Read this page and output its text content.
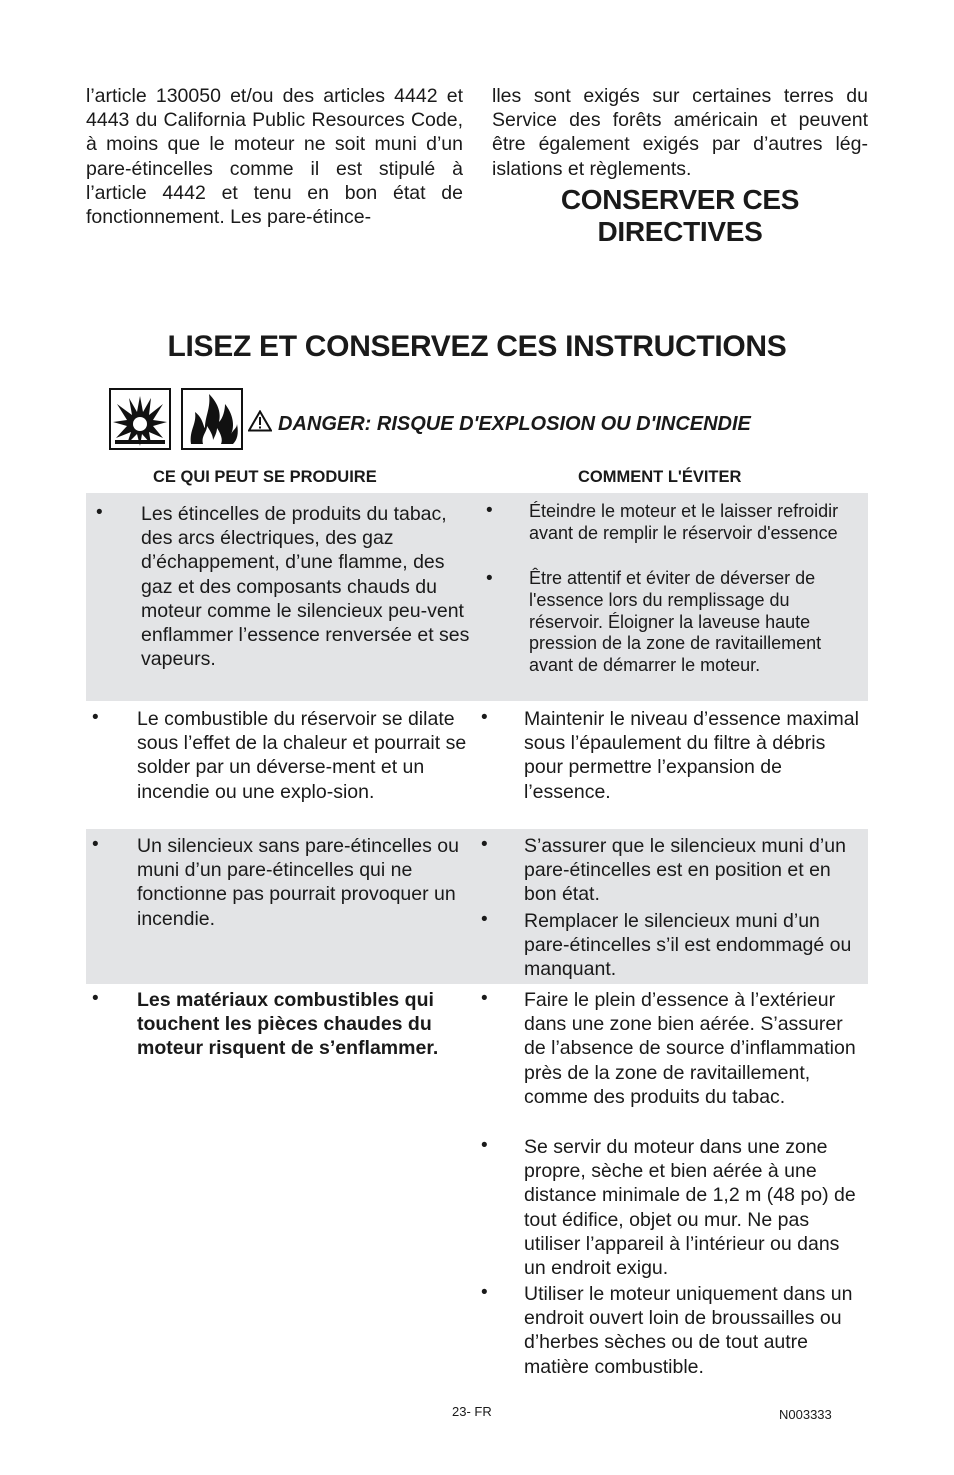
l’article 130050 et/ou des articles 4442 et 4443 du California Public Resources Code, à moins que le moteur ne soit muni d’un pare-étincelles comme il est stipulé à l’article 4442 et tenu en bon état de fonctionnement. Les pare-étince-

lles sont exigés sur certaines terres du Service des forêts américain et peuvent être également exigés par d’autres lég-islations et règlements.

CONSERVER CES
DIRECTIVES
LISEZ ET CONSERVEZ CES INSTRUCTIONS

DANGER: RISQUE D'EXPLOSION OU D'INCENDIE
CE QUI PEUT SE PRODUIRE	COMMENT L'ÉVITER
• Les étincelles de produits du tabac, des arcs électriques, des gaz d’échappement, d’une flamme, des gaz et des composants chauds du moteur comme le silencieux peu-vent enflammer l’essence renversée et ses vapeurs.
• Éteindre le moteur et le laisser refroidir avant de remplir le réservoir d'essence
• Être attentif et éviter de déverser de l'essence lors du remplissage du réservoir. Éloigner la laveuse haute pression de la zone de ravitaillement avant de démarrer le moteur.
• Le combustible du réservoir se dilate sous l’effet de la chaleur et pourrait se solder par un déverse-ment et un incendie ou une explo-sion.
• Maintenir le niveau d’essence maximal sous l’épaulement du filtre à débris pour permettre l’expansion de l’essence.
• Un silencieux sans pare-étincelles ou muni d’un pare-étincelles qui ne fonctionne pas pourrait provoquer un incendie.
• S’assurer que le silencieux muni d’un pare-étincelles est en position et en bon état.
• Remplacer le silencieux muni d’un pare-étincelles s’il est endommagé ou manquant.
• Les matériaux combustibles qui touchent les pièces chaudes du moteur risquent de s’enflammer.
• Faire le plein d’essence à l’extérieur dans une zone bien aérée. S’assurer de l’absence de source d’inflammation près de la zone de ravitaillement, comme des produits du tabac.
• Se servir du moteur dans une zone propre, sèche et bien aérée à une distance minimale de 1,2 m (48 po) de tout édifice, objet ou mur. Ne pas utiliser l’appareil à l’intérieur ou dans un endroit exigu.
• Utiliser le moteur uniquement dans un endroit ouvert loin de broussailles ou d’herbes sèches ou de tout autre matière combustible.
23- FR	N003333
